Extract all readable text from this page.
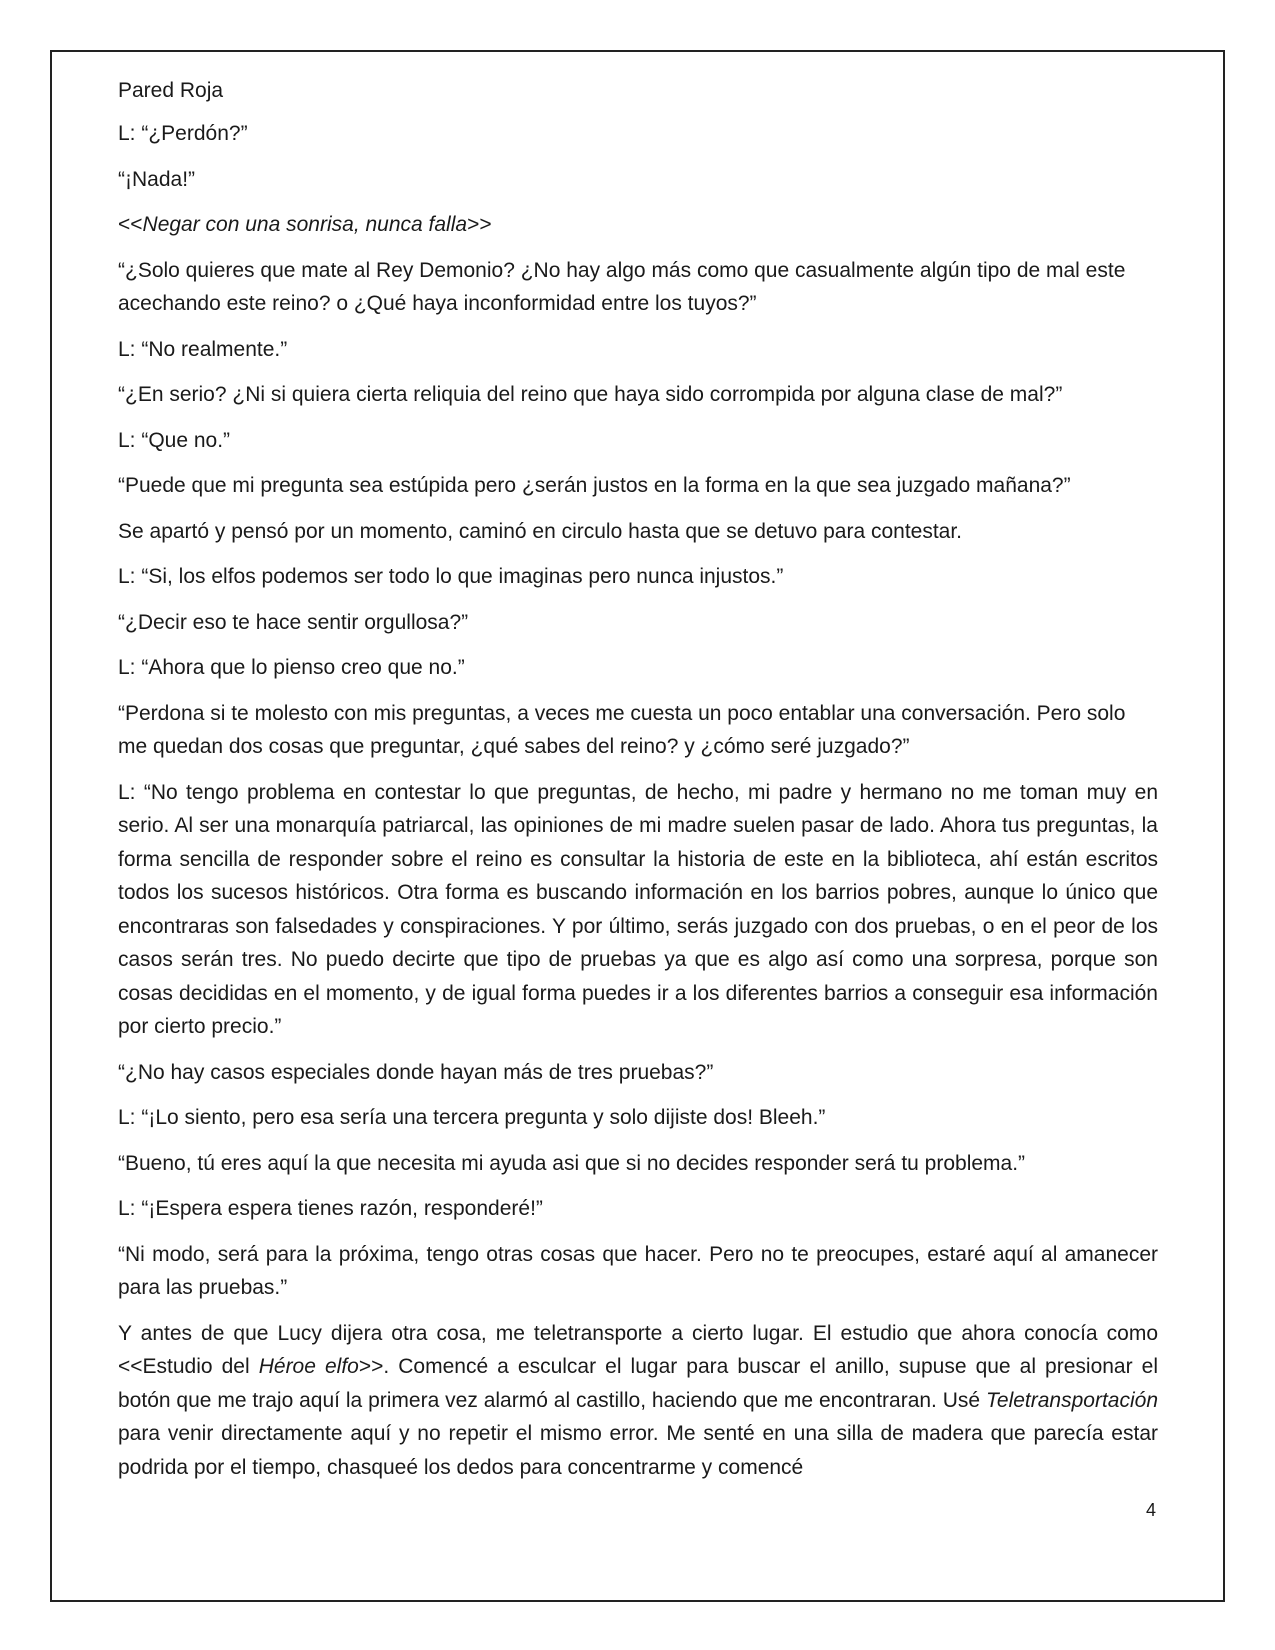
Pared Roja

L: “¿Perdón?”

“¡Nada!”

<<Negar con una sonrisa, nunca falla>>

“¿Solo quieres que mate al Rey Demonio? ¿No hay algo más como que casualmente algún tipo de mal este acechando este reino? o ¿Qué haya inconformidad entre los tuyos?”

L: “No realmente.”

“¿En serio? ¿Ni si quiera cierta reliquia del reino que haya sido corrompida por alguna clase de mal?”

L: “Que no.”

“Puede que mi pregunta sea estúpida pero ¿serán justos en la forma en la que sea juzgado mañana?”

Se apartó y pensó por un momento, caminó en circulo hasta que se detuvo para contestar.

L: “Si, los elfos podemos ser todo lo que imaginas pero nunca injustos.”

“¿Decir eso te hace sentir orgullosa?”

L: “Ahora que lo pienso creo que no.”

“Perdona si te molesto con mis preguntas, a veces me cuesta un poco entablar una conversación. Pero solo me quedan dos cosas que preguntar, ¿qué sabes del reino? y ¿cómo seré juzgado?”

L: “No tengo problema en contestar lo que preguntas, de hecho, mi padre y hermano no me toman muy en serio. Al ser una monarquía patriarcal, las opiniones de mi madre suelen pasar de lado. Ahora tus preguntas, la forma sencilla de responder sobre el reino es consultar la historia de este en la biblioteca, ahí están escritos todos los sucesos históricos. Otra forma es buscando información en los barrios pobres, aunque lo único que encontraras son falsedades y conspiraciones. Y por último, serás juzgado con dos pruebas, o en el peor de los casos serán tres. No puedo decirte que tipo de pruebas ya que es algo así como una sorpresa, porque son cosas decididas en el momento, y de igual forma puedes ir a los diferentes barrios a conseguir esa información por cierto precio.”

“¿No hay casos especiales donde hayan más de tres pruebas?”

L: “¡Lo siento, pero esa sería una tercera pregunta y solo dijiste dos! Bleeh.”

“Bueno, tú eres aquí la que necesita mi ayuda asi que si no decides responder será tu problema.”

L: “¡Espera espera tienes razón, responderé!”

“Ni modo, será para la próxima, tengo otras cosas que hacer. Pero no te preocupes, estaré aquí al amanecer para las pruebas.”

Y antes de que Lucy dijera otra cosa, me teletransporte a cierto lugar. El estudio que ahora conocía como <<Estudio del Héroe elfo>>. Comencé a esculcar el lugar para buscar el anillo, supuse que al presionar el botón que me trajo aquí la primera vez alarmó al castillo, haciendo que me encontraran. Usé Teletransportación para venir directamente aquí y no repetir el mismo error. Me senté en una silla de madera que parecía estar podrida por el tiempo, chasqueé los dedos para concentrarme y comencé

4
